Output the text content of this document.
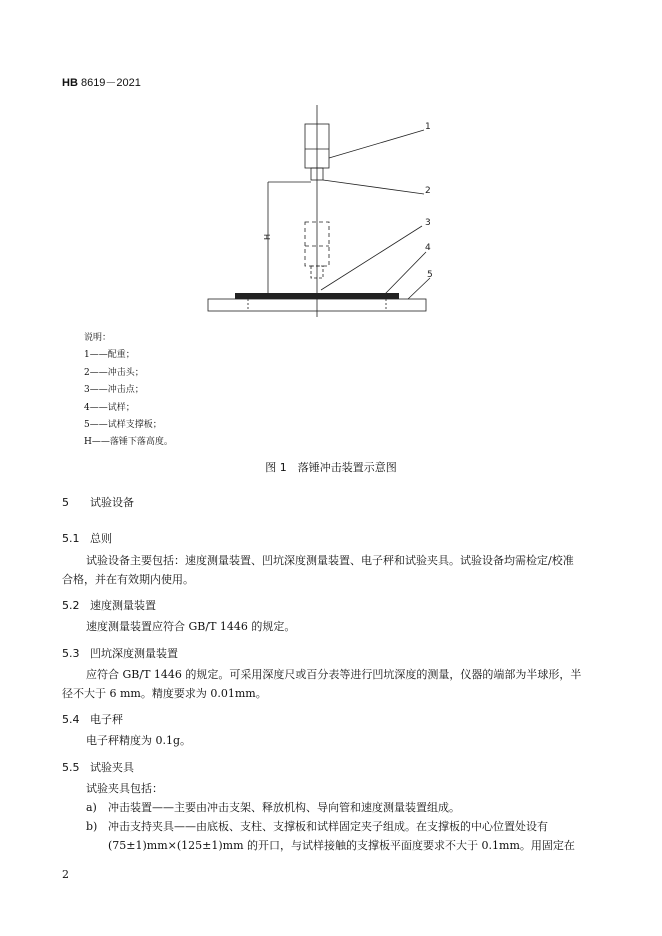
HB 8619－2021
1
2
3
4
5
H
说明：
1——配重；
2——冲击头；
3——冲击点；
4——试样；
5——试样支撑板；
H——落锤下落高度。
图 1　落锤冲击装置示意图
5 试验设备
5.1 总则
试验设备主要包括：速度测量装置、凹坑深度测量装置、电子秤和试验夹具。试验设备均需检定/校准合格，并在有效期内使用。
5.2 速度测量装置
速度测量装置应符合 GB/T 1446 的规定。
5.3 凹坑深度测量装置
应符合 GB/T 1446 的规定。可采用深度尺或百分表等进行凹坑深度的测量，仪器的端部为半球形，半径不大于 6 mm。精度要求为 0.01mm。
5.4 电子秤
电子秤精度为 0.1g。
5.5 试验夹具
试验夹具包括：
a) 冲击装置——主要由冲击支架、释放机构、导向管和速度测量装置组成。
b) 冲击支持夹具——由底板、支柱、支撑板和试样固定夹子组成。在支撑板的中心位置处设有(75±1)mm×(125±1)mm 的开口，与试样接触的支撑板平面度要求不大于 0.1mm。用固定在
2
